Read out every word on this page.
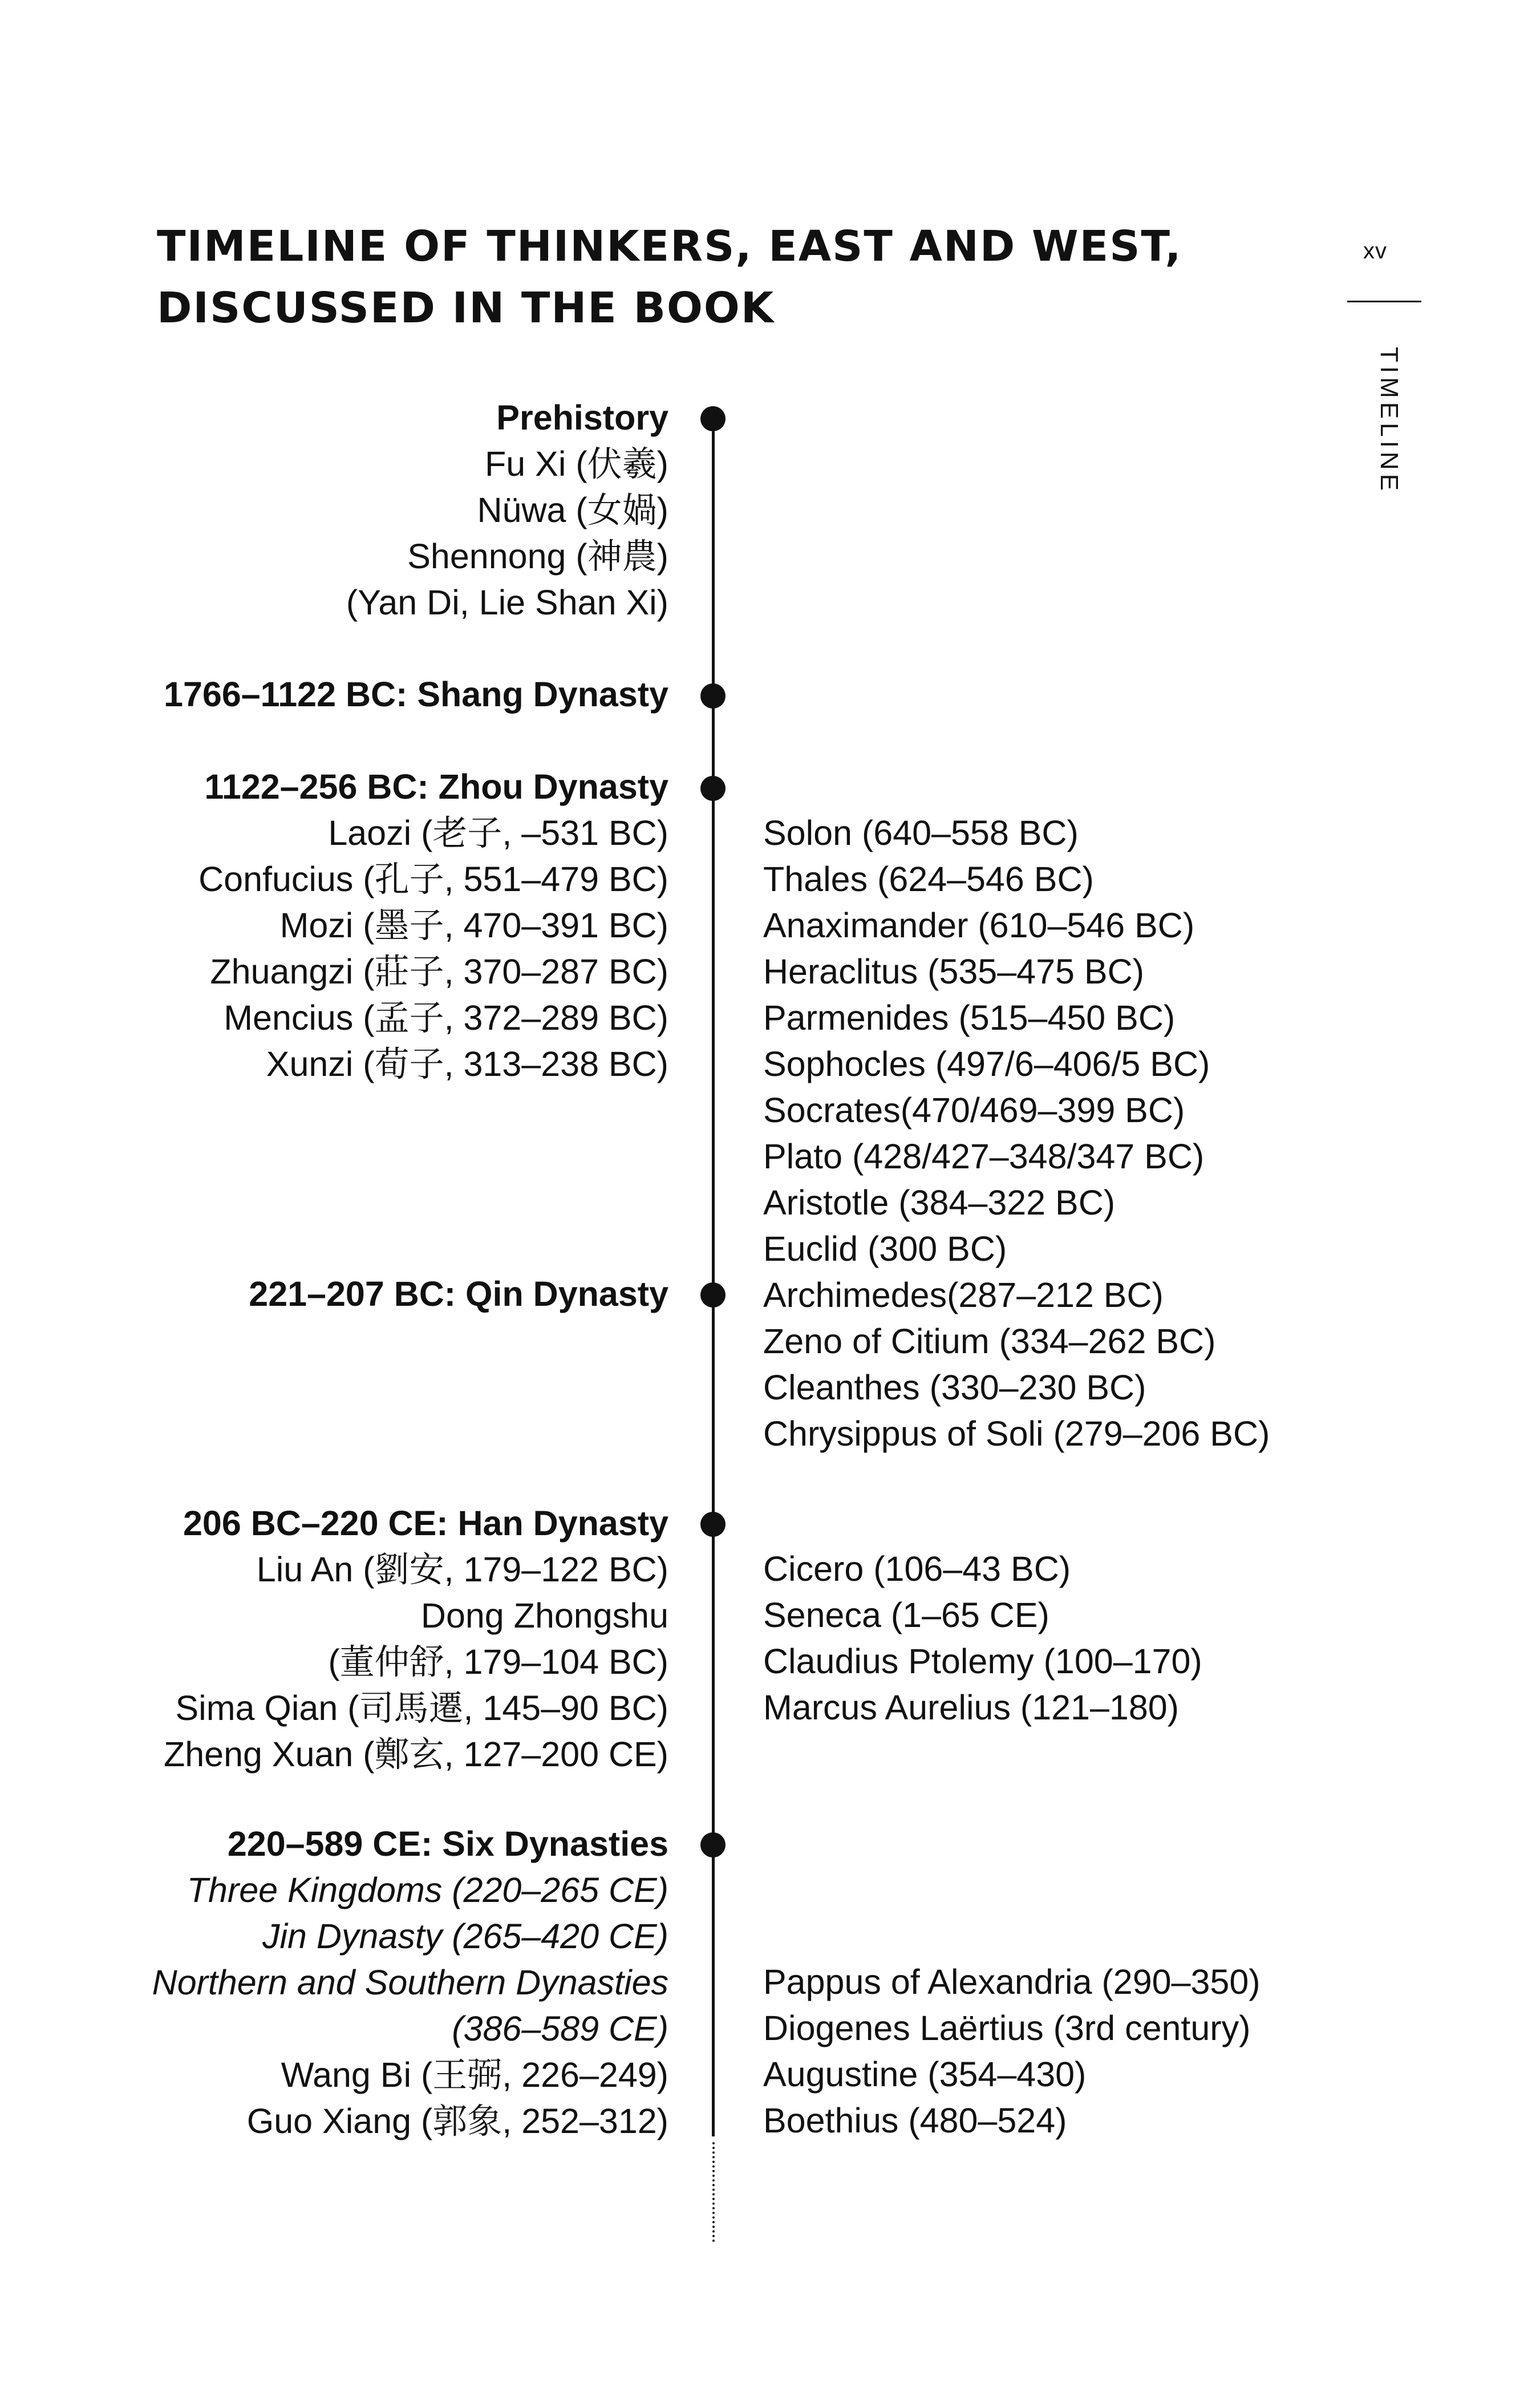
TIMELINE OF THINKERS, EAST AND WEST,
DISCUSSED IN THE BOOK
xv
TIMELINE
Prehistory
Fu Xi (伏羲)
Nüwa (女媧)
Shennong (神農)
(Yan Di, Lie Shan Xi)
1766–1122 BC: Shang Dynasty
1122–256 BC: Zhou Dynasty
Laozi (老子, –531 BC)
Confucius (孔子, 551–479 BC)
Mozi (墨子, 470–391 BC)
Zhuangzi (莊子, 370–287 BC)
Mencius (孟子, 372–289 BC)
Xunzi (荀子, 313–238 BC)
Solon (640–558 BC)
Thales (624–546 BC)
Anaximander (610–546 BC)
Heraclitus (535–475 BC)
Parmenides (515–450 BC)
Sophocles (497/6–406/5 BC)
Socrates(470/469–399 BC)
Plato (428/427–348/347 BC)
Aristotle (384–322 BC)
Euclid (300 BC)
Archimedes(287–212 BC)
Zeno of Citium (334–262 BC)
Cleanthes (330–230 BC)
Chrysippus of Soli (279–206 BC)
221–207 BC: Qin Dynasty
206 BC–220 CE: Han Dynasty
Liu An (劉安, 179–122 BC)
Dong Zhongshu
(董仲舒, 179–104 BC)
Sima Qian (司馬遷, 145–90 BC)
Zheng Xuan (鄭玄, 127–200 CE)
Cicero (106–43 BC)
Seneca (1–65 CE)
Claudius Ptolemy (100–170)
Marcus Aurelius (121–180)
220–589 CE: Six Dynasties
Three Kingdoms (220–265 CE)
Jin Dynasty (265–420 CE)
Northern and Southern Dynasties
(386–589 CE)
Wang Bi (王弼, 226–249)
Guo Xiang (郭象, 252–312)
Pappus of Alexandria (290–350)
Diogenes Laërtius (3rd century)
Augustine (354–430)
Boethius (480–524)
